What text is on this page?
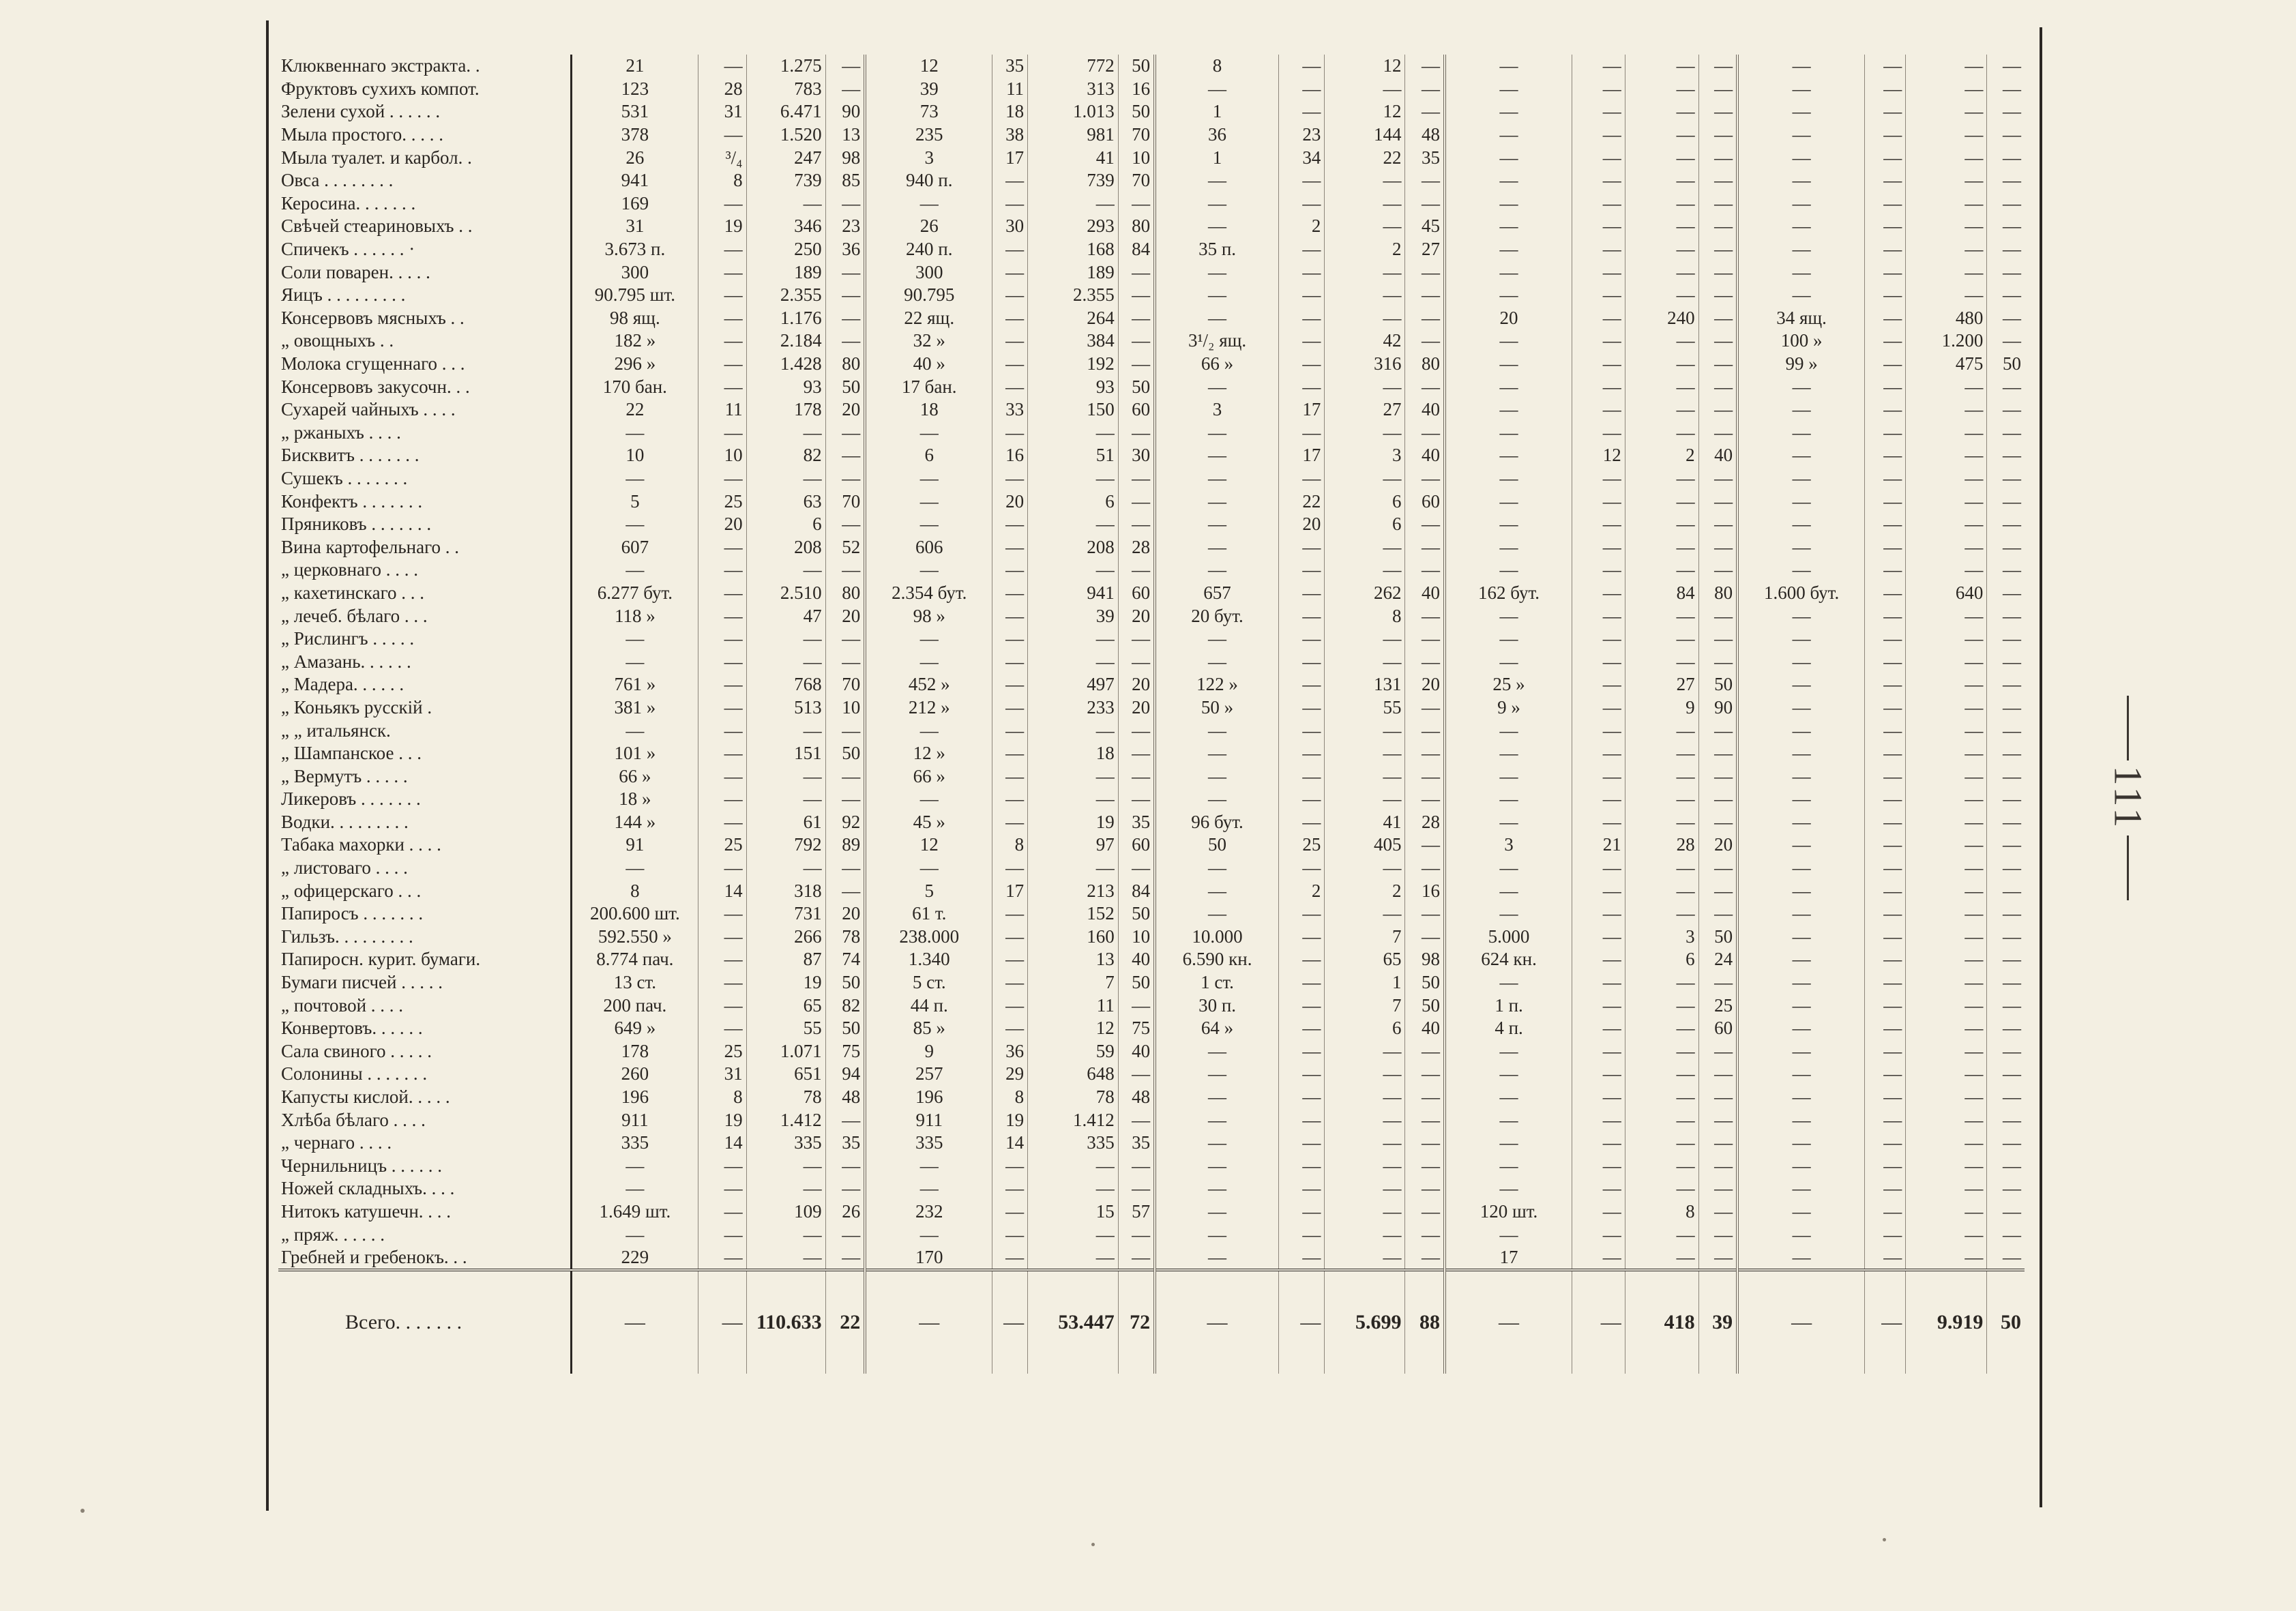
111
Клюквеннаго экстракта. .	21	—	1.275	—	12	35	772	50	8	—	12	—	—	—	—	—	—	—	—	—
Фруктовъ сухихъ компот.	123	28	783	—	39	11	313	16	—	—	—	—	—	—	—	—	—	—	—	—
Зелени сухой . . . . . .	531	31	6.471	90	73	18	1.013	50	1	—	12	—	—	—	—	—	—	—	—	—
Мыла простого. . . . .	378	—	1.520	13	235	38	981	70	36	23	144	48	—	—	—	—	—	—	—	—
Мыла туалет. и карбол. .	26	³/₄	247	98	3	17	41	10	1	34	22	35	—	—	—	—	—	—	—	—
Овса . . . . . . . .	941	8	739	85	940 п.	—	739	70	—	—	—	—	—	—	—	—	—	—	—	—
Керосина. . . . . . .	169	—	—	—	—	—	—	—	—	—	—	—	—	—	—	—	—	—	—	—
Свѣчей стеариновыхъ . .	31	19	346	23	26	30	293	80	—	2	—	45	—	—	—	—	—	—	—	—
Спичекъ . . . . . . ·	3.673 п.	—	250	36	240 п.	—	168	84	35 п.	—	2	27	—	—	—	—	—	—	—	—
Соли поварен. . . . .	300	—	189	—	300	—	189	—	—	—	—	—	—	—	—	—	—	—	—	—
Яицъ . . . . . . . . .	90.795 шт.	—	2.355	—	90.795	—	2.355	—	—	—	—	—	—	—	—	—	—	—	—	—
Консервовъ мясныхъ . .	98 ящ.	—	1.176	—	22 ящ.	—	264	—	—	—	—	—	20	—	240	—	34 ящ.	—	480	—
„ овощныхъ . .	182 »	—	2.184	—	32 »	—	384	—	3¹/₂ ящ.	—	42	—	—	—	—	—	100 »	—	1.200	—
Молока сгущеннаго . . .	296 »	—	1.428	80	40 »	—	192	—	66 »	—	316	80	—	—	—	—	99 »	—	475	50
Консервовъ закусочн. . .	170 бан.	—	93	50	17 бан.	—	93	50	—	—	—	—	—	—	—	—	—	—	—	—
Сухарей чайныхъ . . . .	22	11	178	20	18	33	150	60	3	17	27	40	—	—	—	—	—	—	—	—
„ ржаныхъ . . . .	—	—	—	—	—	—	—	—	—	—	—	—	—	—	—	—	—	—	—	—
Бисквитъ . . . . . . .	10	10	82	—	6	16	51	30	—	17	3	40	—	12	2	40	—	—	—	—
Сушекъ . . . . . . .	—	—	—	—	—	—	—	—	—	—	—	—	—	—	—	—	—	—	—	—
Конфектъ . . . . . . .	5	25	63	70	—	20	6	—	—	22	6	60	—	—	—	—	—	—	—	—
Пряниковъ . . . . . . .	—	20	6	—	—	—	—	—	—	20	6	—	—	—	—	—	—	—	—	—
Вина картофельнаго . .	607	—	208	52	606	—	208	28	—	—	—	—	—	—	—	—	—	—	—	—
„ церковнаго . . . .	—	—	—	—	—	—	—	—	—	—	—	—	—	—	—	—	—	—	—	—
„ кахетинскаго . . .	6.277 бут.	—	2.510	80	2.354 бут.	—	941	60	657	—	262	40	162 бут.	—	84	80	1.600 бут.	—	640	—
„ лечеб. бѣлаго . . .	118 »	—	47	20	98 »	—	39	20	20 бут.	—	8	—	—	—	—	—	—	—	—	—
„ Рислингъ . . . . .	—	—	—	—	—	—	—	—	—	—	—	—	—	—	—	—	—	—	—	—
„ Амазань. . . . . .	—	—	—	—	—	—	—	—	—	—	—	—	—	—	—	—	—	—	—	—
„ Мадера. . . . . .	761 »	—	768	70	452 »	—	497	20	122 »	—	131	20	25 »	—	27	50	—	—	—	—
„ Коньякъ русскій .	381 »	—	513	10	212 »	—	233	20	50 »	—	55	—	9 »	—	9	90	—	—	—	—
„ „ итальянск.	—	—	—	—	—	—	—	—	—	—	—	—	—	—	—	—	—	—	—	—
„ Шампанское . . .	101 »	—	151	50	12 »	—	18	—	—	—	—	—	—	—	—	—	—	—	—	—
„ Вермутъ . . . . .	66 »	—	—	—	66 »	—	—	—	—	—	—	—	—	—	—	—	—	—	—	—
Ликеровъ . . . . . . .	18 »	—	—	—	—	—	—	—	—	—	—	—	—	—	—	—	—	—	—	—
Водки. . . . . . . . .	144 »	—	61	92	45 »	—	19	35	96 бут.	—	41	28	—	—	—	—	—	—	—	—
Табака махорки . . . .	91	25	792	89	12	8	97	60	50	25	405	—	3	21	28	20	—	—	—	—
„ листоваго . . . .	—	—	—	—	—	—	—	—	—	—	—	—	—	—	—	—	—	—	—	—
„ офицерскаго . . .	8	14	318	—	5	17	213	84	—	2	2	16	—	—	—	—	—	—	—	—
Папиросъ . . . . . . .	200.600 шт.	—	731	20	61 т.	—	152	50	—	—	—	—	—	—	—	—	—	—	—	—
Гильзъ. . . . . . . . .	592.550 »	—	266	78	238.000	—	160	10	10.000	—	7	—	5.000	—	3	50	—	—	—	—
Папиросн. курит. бумаги.	8.774 пач.	—	87	74	1.340	—	13	40	6.590 кн.	—	65	98	624 кн.	—	6	24	—	—	—	—
Бумаги писчей . . . . .	13 ст.	—	19	50	5 ст.	—	7	50	1 ст.	—	1	50	—	—	—	—	—	—	—	—
„ почтовой . . . .	200 пач.	—	65	82	44 п.	—	11	—	30 п.	—	7	50	1 п.	—	—	25	—	—	—	—
Конвертовъ. . . . . .	649 »	—	55	50	85 »	—	12	75	64 »	—	6	40	4 п.	—	—	60	—	—	—	—
Сала свиного . . . . .	178	25	1.071	75	9	36	59	40	—	—	—	—	—	—	—	—	—	—	—	—
Солонины . . . . . . .	260	31	651	94	257	29	648	—	—	—	—	—	—	—	—	—	—	—	—	—
Капусты кислой. . . . .	196	8	78	48	196	8	78	48	—	—	—	—	—	—	—	—	—	—	—	—
Хлѣба бѣлаго . . . .	911	19	1.412	—	911	19	1.412	—	—	—	—	—	—	—	—	—	—	—	—	—
„ чернаго . . . .	335	14	335	35	335	14	335	35	—	—	—	—	—	—	—	—	—	—	—	—
Чернильницъ . . . . . .	—	—	—	—	—	—	—	—	—	—	—	—	—	—	—	—	—	—	—	—
Ножей складныхъ. . . .	—	—	—	—	—	—	—	—	—	—	—	—	—	—	—	—	—	—	—	—
Нитокъ катушечн. . . .	1.649 шт.	—	109	26	232	—	15	57	—	—	—	—	120 шт.	—	8	—	—	—	—	—
„ пряж. . . . . .	—	—	—	—	—	—	—	—	—	—	—	—	—	—	—	—	—	—	—	—
Гребней и гребенокъ. . .	229	—	—	—	170	—	—	—	—	—	—	—	17	—	—	—	—	—	—	—
Всего. . . . . . .	—	—	110.633	22	—	—	53.447	72	—	—	5.699	88	—	—	418	39	—	—	9.919	50
